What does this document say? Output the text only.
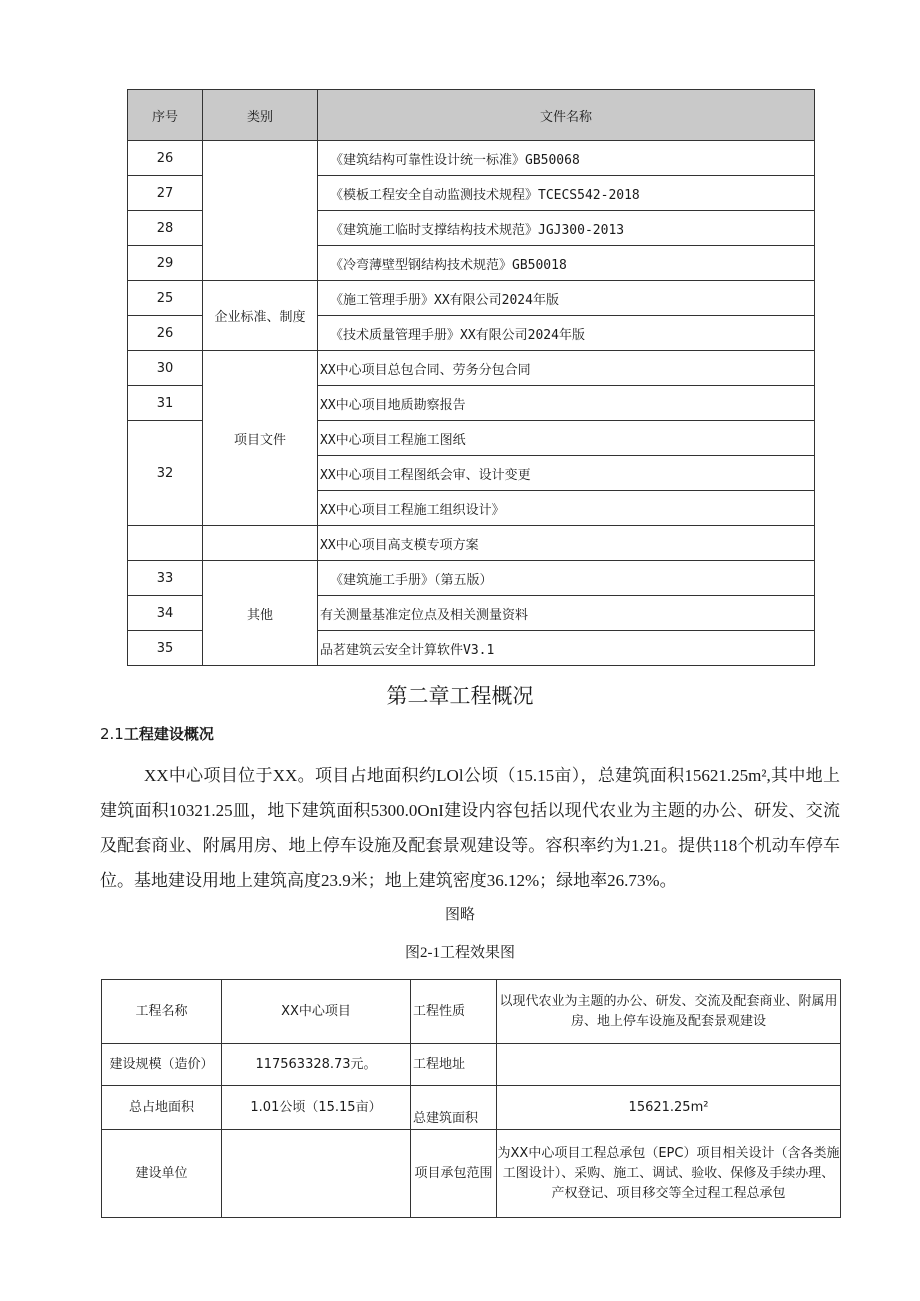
序号	类别	文件名称
26		《建筑结构可靠性设计统一标准》GB50068
27		《模板工程安全自动监测技术规程》TCECS542-2018
28		《建筑施工临时支撑结构技术规范》JGJ300-2013
29		《冷弯薄壁型钢结构技术规范》GB50018
25	企业标准、制度	《施工管理手册》XX有限公司2024年版
26		《技术质量管理手册》XX有限公司2024年版
30	项目文件	XX中心项目总包合同、劳务分包合同
31		XX中心项目地质勘察报告
32		XX中心项目工程施工图纸
		XX中心项目工程图纸会审、设计变更
		XX中心项目工程施工组织设计》
		XX中心项目高支模专项方案
33	其他	《建筑施工手册》（第五版）
34		有关测量基准定位点及相关测量资料
35		品茗建筑云安全计算软件V3.1
第二章工程概况
2.1工程建设概况
XX中心项目位于XX。项目占地面积约LOl公顷（15.15亩），总建筑面积15621.25m²,其中地上建筑面积10321.25皿，地下建筑面积5300.0OnI建设内容包括以现代农业为主题的办公、研发、交流及配套商业、附属用房、地上停车设施及配套景观建设等。容积率约为1.21。提供118个机动车停车位。基地建设用地上建筑高度23.9米；地上建筑密度36.12%；绿地率26.73%。
图略
图2-1工程效果图
工程名称	XX中心项目	工程性质	以现代农业为主题的办公、研发、交流及配套商业、附属用房、地上停车设施及配套景观建设
建设规模（造价）	117563328.73元。	工程地址	
总占地面积	1.01公顷（15.15亩）	总建筑面积	15621.25m²
建设单位		项目承包范围	为XX中心项目工程总承包（EPC）项目相关设计（含各类施工图设计）、采购、施工、调试、验收、保修及手续办理、产权登记、项目移交等全过程工程总承包
